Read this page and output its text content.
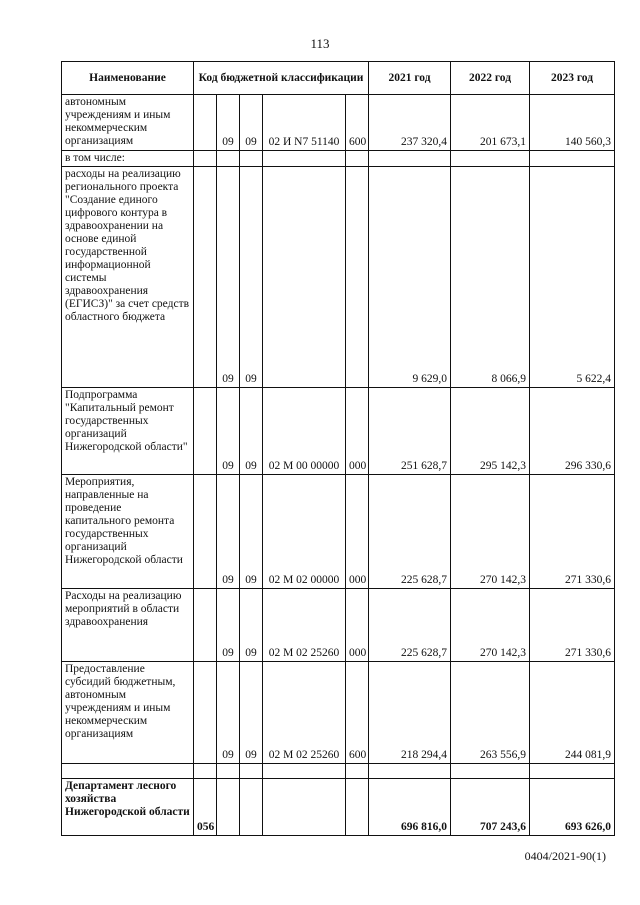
113
Наименование	Код бюджетной классификации					2021 год	2022 год	2023 год
автономным учреждениям и иным некоммерческим организациям		09	09	02 И N7 51140	600	237 320,4	201 673,1	140 560,3
в том числе:								
расходы на реализацию регионального проекта "Создание единого цифрового контура в здравоохранении на основе единой государственной информационной системы здравоохранения (ЕГИСЗ)" за счет средств областного бюджета		09	09			9 629,0	8 066,9	5 622,4
Подпрограмма "Капитальный ремонт государственных организаций Нижегородской области"		09	09	02 М 00 00000	000	251 628,7	295 142,3	296 330,6
Мероприятия, направленные на проведение капитального ремонта государственных организаций Нижегородской области		09	09	02 М 02 00000	000	225 628,7	270 142,3	271 330,6
Расходы на реализацию мероприятий в области здравоохранения		09	09	02 М 02 25260	000	225 628,7	270 142,3	271 330,6
Предоставление субсидий бюджетным, автономным учреждениям и иным некоммерческим организациям		09	09	02 М 02 25260	600	218 294,4	263 556,9	244 081,9

Департамент лесного хозяйства Нижегородской области	056					696 816,0	707 243,6	693 626,0
0404/2021-90(1)
